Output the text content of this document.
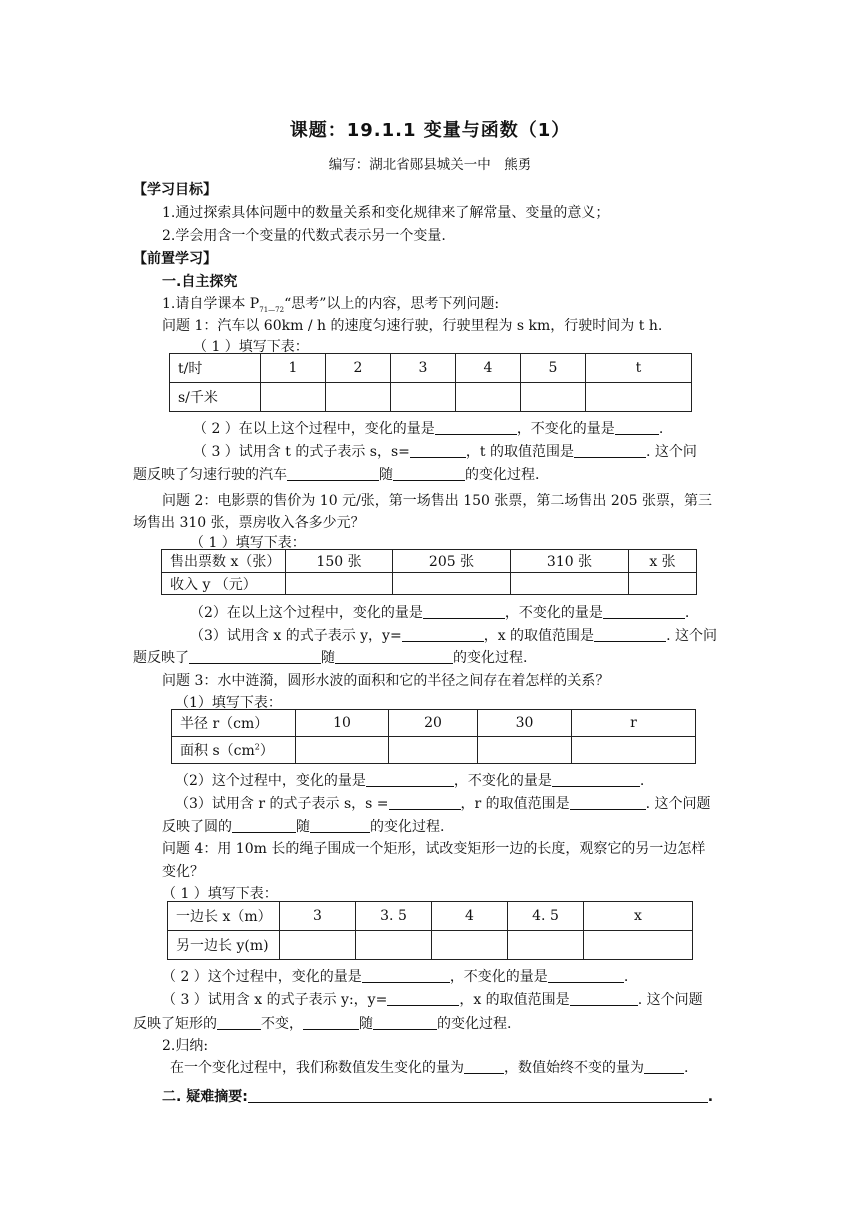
课题：19.1.1 变量与函数（1）
编写：湖北省郧县城关一中　熊勇
【学习目标】
1.通过探索具体问题中的数量关系和变化规律来了解常量、变量的意义；
2.学会用含一个变量的代数式表示另一个变量.
【前置学习】
一.自主探究
1.请自学课本 $P_{71—72}“$思考”以上的内容，思考下列问题:
问题 1：汽车以 60km / h 的速度匀速行驶，行驶里程为 s km，行驶时间为 t h.
（ 1 ）填写下表：
t/时	1	2	3	4	5	t
s/千米						
（ 2 ）在以上这个过程中，变化的量是	，不变化的量是	.
（ 3 ）试用含 t 的式子表示 s，s=	，t 的取值范围是	. 这个问
题反映了匀速行驶的汽车	随	的变化过程.
问题 2：电影票的售价为 10 元/张，第一场售出 150 张票，第二场售出 205 张票，第三
场售出 310 张，票房收入各多少元？
（ 1 ）填写下表：
售出票数 x（张）	150 张	205 张	310 张	x 张
收入 y （元）				
（2）在以上这个过程中，变化的量是	，不变化的量是	.
（3）试用含 x 的式子表示 y，y=	，x 的取值范围是	. 这个问
题反映了	随	的变化过程.
问题 3：水中涟漪，圆形水波的面积和它的半径之间存在着怎样的关系？
（1）填写下表：
半径 r（cm）	10	20	30	r
面积 $s(cm^2)$				
（2）这个过程中，变化的量是	，不变化的量是	.
（3）试用含 r 的式子表示 s，s =	，r 的取值范围是	. 这个问题
反映了圆的	随	的变化过程.
问题 4：用 10m 长的绳子围成一个矩形，试改变矩形一边的长度，观察它的另一边怎样
变化？
（ 1 ）填写下表：
一边长 x（m）	3	3. 5	4	4. 5	x
另一边长 y(m)					
（ 2 ）这个过程中，变化的量是	，不变化的量是	.
（ 3 ）试用含 x 的式子表示 y:，y=	，x 的取值范围是	. 这个问题
反映了矩形的	不变，	随	的变化过程.
2.归纳:
在一个变化过程中，我们称数值发生变化的量为	，数值始终不变的量为	.
二. 疑难摘要:	.
